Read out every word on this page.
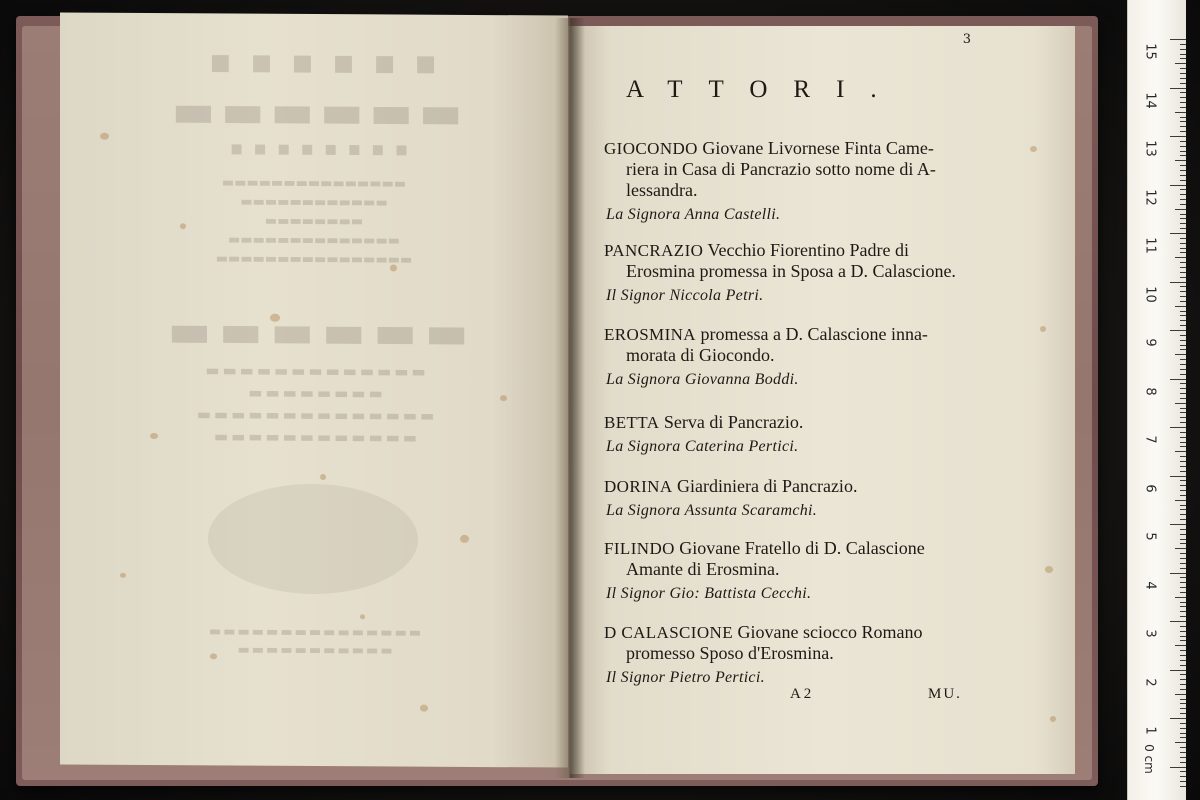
▪▪▪▪▪▪
▬▬▬▬▬▬
▪▪▪▪▪▪▪▪
▬▬▬▬▬▬▬▬▬▬▬▬▬▬▬
▬▬▬▬▬▬▬▬▬▬▬▬
▬▬▬▬▬▬▬▬
▬▬▬▬▬▬▬▬▬▬▬▬▬▬
▬▬▬▬▬▬▬▬▬▬▬▬▬▬▬▬
▬▬▬▬▬▬
▬▬▬▬▬▬▬▬▬▬▬▬▬
▬▬▬▬▬▬▬▬
▬▬▬▬▬▬▬▬▬▬▬▬▬▬
▬▬▬▬▬▬▬▬▬▬▬▬
▬▬▬▬▬▬▬▬▬▬▬▬▬▬▬
▬▬▬▬▬▬▬▬▬▬▬
3
ATTORI.
GIOCONDO Giovane Livornese Finta Came-
riera in Casa di Pancrazio sotto nome di A-
lessandra.
La Signora Anna Castelli.
PANCRAZIO Vecchio Fiorentino Padre di
Erosmina promessa in Sposa a D. Calascione.
Il Signor Niccola Petri.
EROSMINA promessa a D. Calascione inna-
morata di Giocondo.
La Signora Giovanna Boddi.
BETTA Serva di Pancrazio.
La Signora Caterina Pertici.
DORINA Giardiniera di Pancrazio.
La Signora Assunta Scaramchi.
FILINDO Giovane Fratello di D. Calascione
Amante di Erosmina.
Il Signor Gio: Battista Cecchi.
D CALASCIONE Giovane sciocco Romano
promesso Sposo d'Erosmina.
Il Signor Pietro Pertici.
A 2	MU.
0 cm
15
14
13
12
11
10
9
8
7
6
5
4
3
2
1
